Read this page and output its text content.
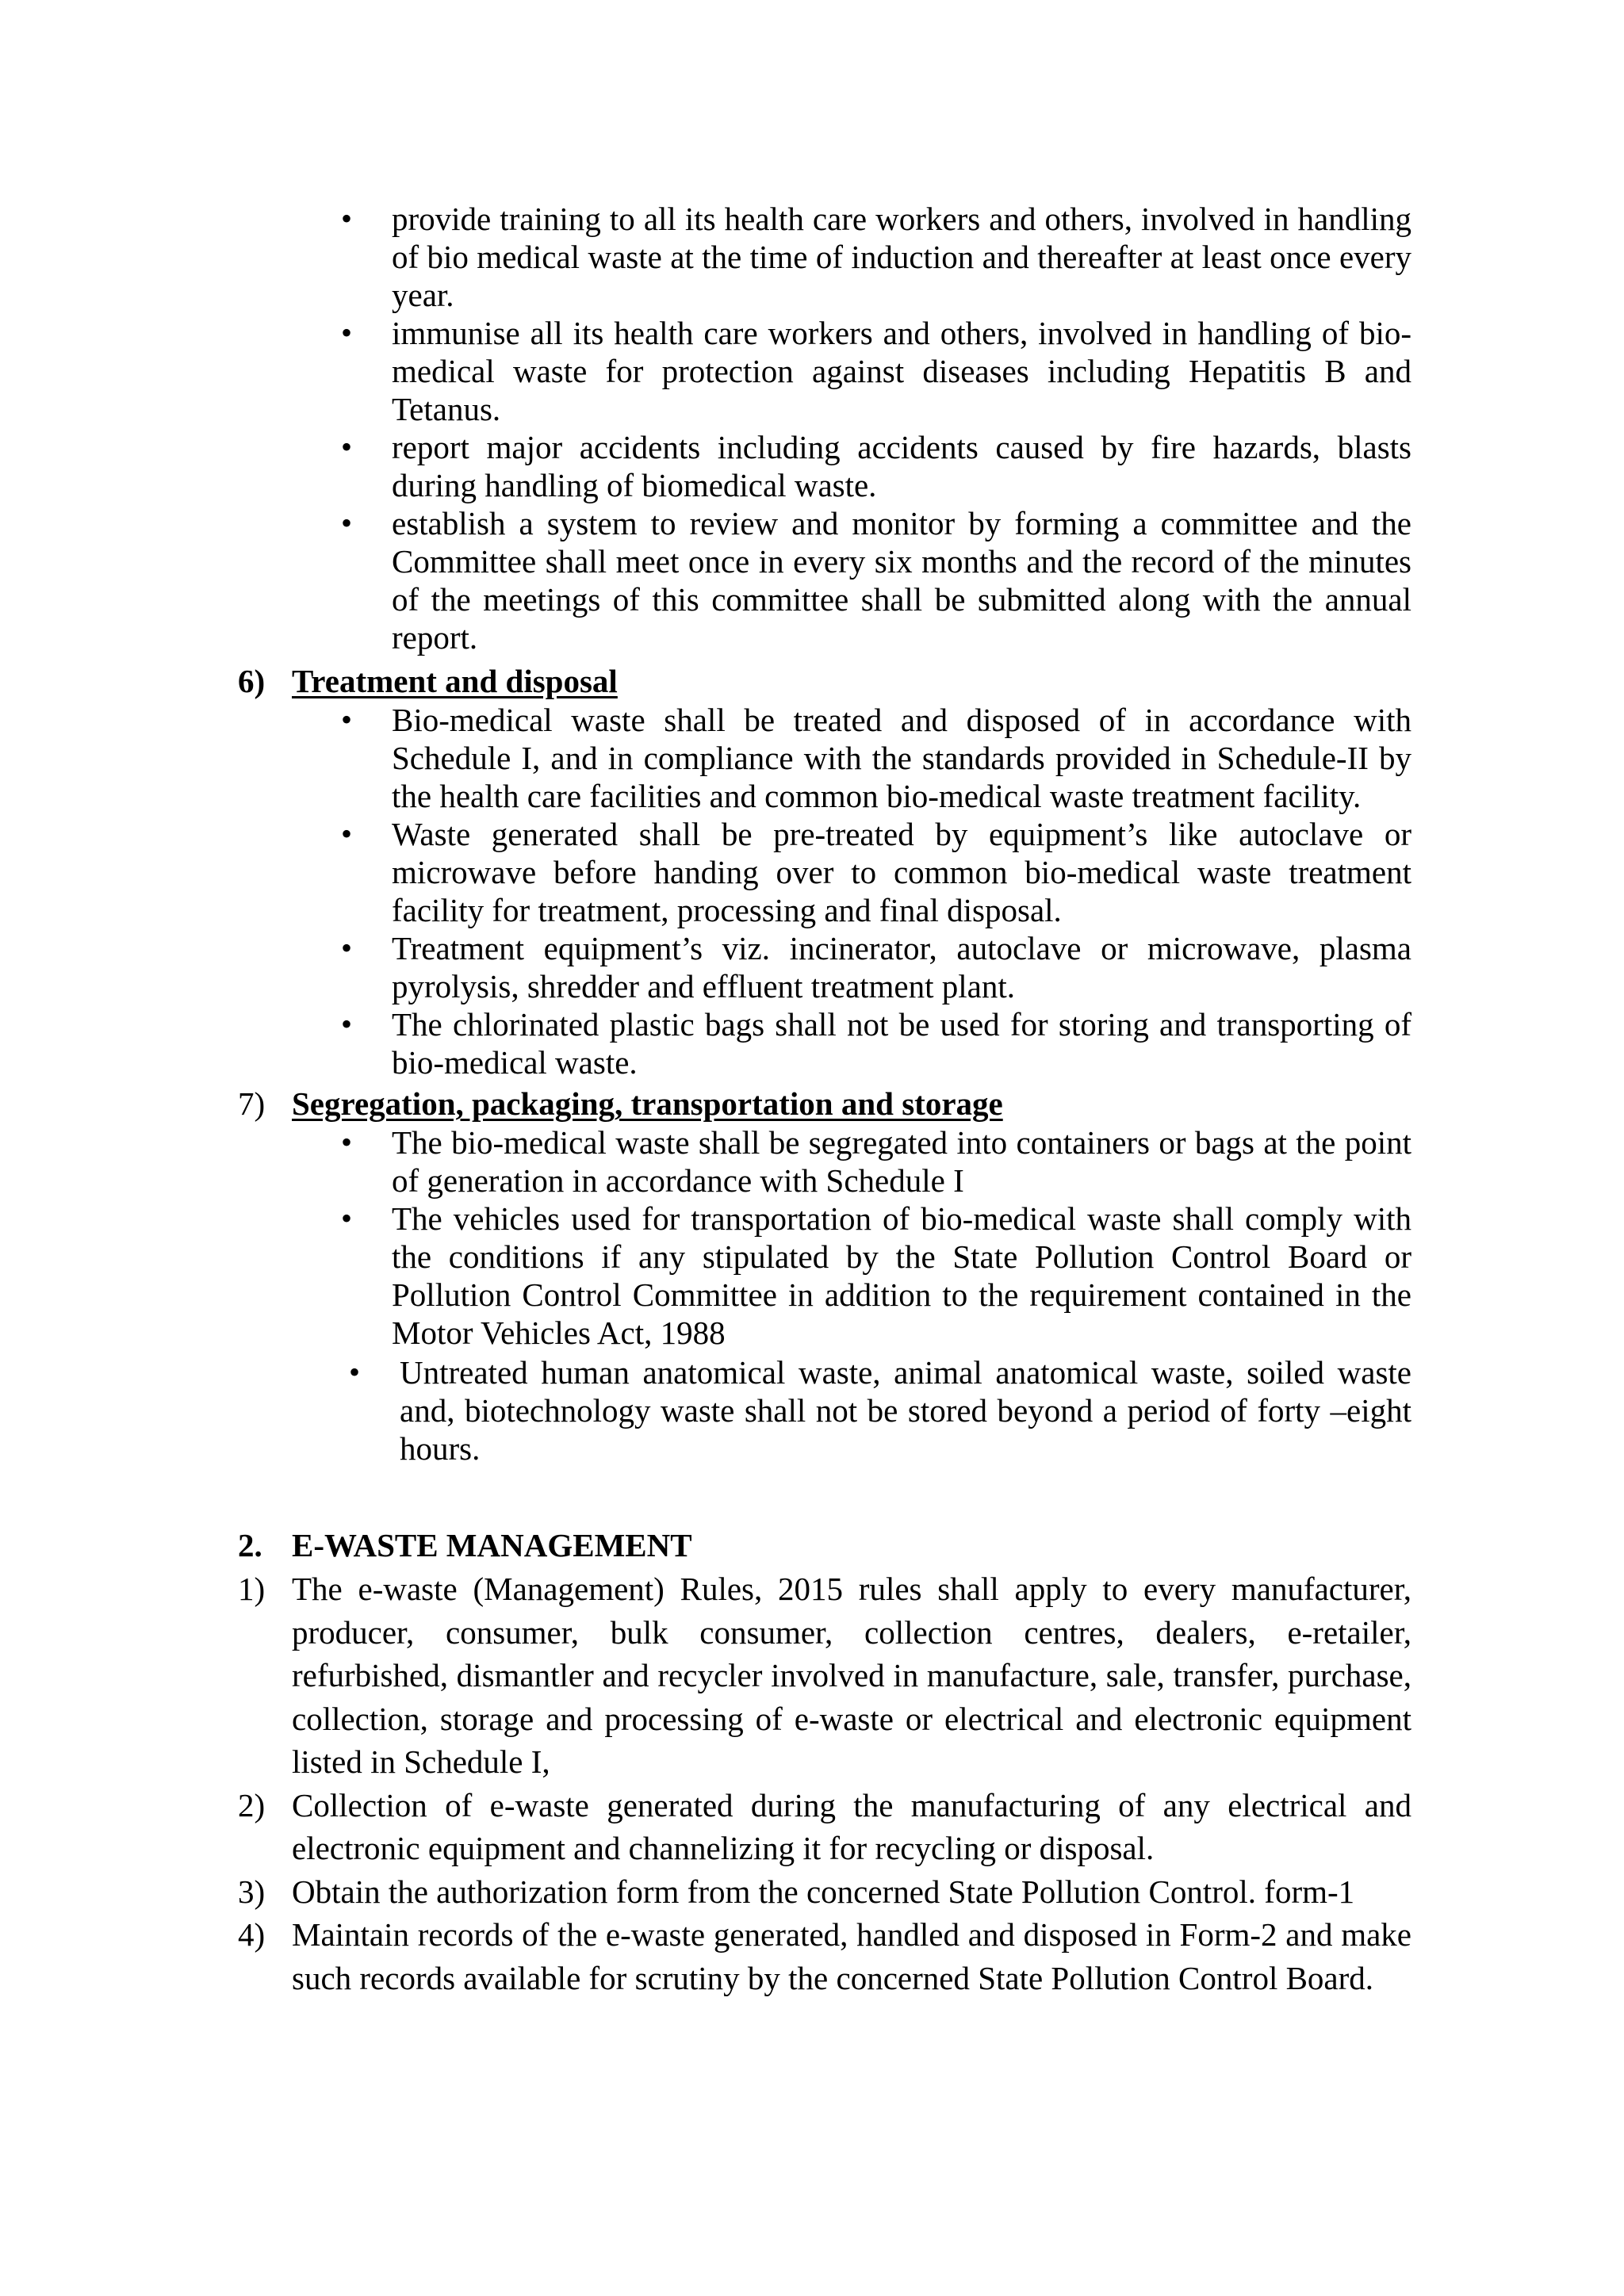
• provide training to all its health care workers and others, involved in handling of bio medical waste at the time of induction and thereafter at least once every year.
• immunise all its health care workers and others, involved in handling of bio-medical waste for protection against diseases including Hepatitis B and Tetanus.
• report major accidents including accidents caused by fire hazards, blasts during handling of biomedical waste.
• establish a system to review and monitor by forming a committee and the Committee shall meet once in every six months and the record of the minutes of the meetings of this committee shall be submitted along with the annual report.
6) Treatment and disposal
• Bio-medical waste shall be treated and disposed of in accordance with Schedule I, and in compliance with the standards provided in Schedule-II by the health care facilities and common bio-medical waste treatment facility.
• Waste generated shall be pre-treated by equipment’s like autoclave or microwave before handing over to common bio-medical waste treatment facility for treatment, processing and final disposal.
• Treatment equipment’s viz. incinerator, autoclave or microwave, plasma pyrolysis, shredder and effluent treatment plant.
• The chlorinated plastic bags shall not be used for storing and transporting of bio-medical waste.
7) Segregation, packaging, transportation and storage
• The bio-medical waste shall be segregated into containers or bags at the point of generation in accordance with Schedule I
• The vehicles used for transportation of bio-medical waste shall comply with the conditions if any stipulated by the State Pollution Control Board or Pollution Control Committee in addition to the requirement contained in the Motor Vehicles Act, 1988
• Untreated human anatomical waste, animal anatomical waste, soiled waste and, biotechnology waste shall not be stored beyond a period of forty –eight hours.
2. E-WASTE MANAGEMENT
1) The e-waste (Management) Rules, 2015 rules shall apply to every manufacturer, producer, consumer, bulk consumer, collection centres, dealers, e-retailer, refurbished, dismantler and recycler involved in manufacture, sale, transfer, purchase, collection, storage and processing of e-waste or electrical and electronic equipment listed in Schedule I,
2) Collection of e-waste generated during the manufacturing of any electrical and electronic equipment and channelizing it for recycling or disposal.
3) Obtain the authorization form from the concerned State Pollution Control. form-1
4) Maintain records of the e-waste generated, handled and disposed in Form-2 and make such records available for scrutiny by the concerned State Pollution Control Board.
